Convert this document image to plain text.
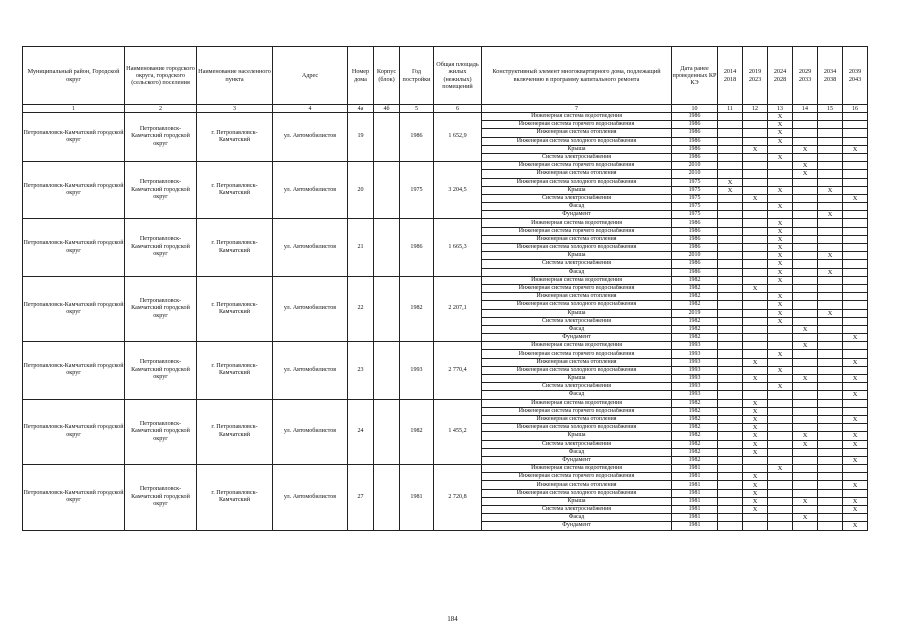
Муниципальный район, Городской округ	Наименование городского округа, городского (сельского) поселения	Наименование населенного пункта	Адрес	Номер дома	Корпус (блок)	Год постройки	Общая площадь жилых (нежилых) помещений	Конструктивный элемент многоквартирного дома, подлежащий включению в программу капитального ремонта	Дата ранее проведенных КР КЭ	2014 2018	2019 2023	2024 2028	2029 2033	2034 2038	2039 2043
1	2	3	4	4а	4б	5	6	7	10	11	12	13	14	15	16
Петропавловск-Камчатский городской округ	Петропавловск-Камчатский городской округ	г. Петропавловск-Камчатский	ул. Автомобилистов	19		1986	1 652,9	Инженерная система водоотведения	1986			X			
								Инженерная система горячего водоснабжения	1986			X			
								Инженерная система отопления	1986			X			
								Инженерная система холодного водоснабжения	1986			X			
								Крыша	1986		X		X		X
								Система электроснабжения	1986			X			
Петропавловск-Камчатский городской округ	Петропавловск-Камчатский городской округ	г. Петропавловск-Камчатский	ул. Автомобилистов	20		1975	3 204,5	Инженерная система горячего водоснабжения	2010				X		
								Инженерная система отопления	2010				X		
								Инженерная система холодного водоснабжения	1975	X					
								Крыша	1975	X		X		X	
								Система электроснабжения	1975		X				X
								Фасад	1975			X			
								Фундамент	1975					X	
Петропавловск-Камчатский городской округ	Петропавловск-Камчатский городской округ	г. Петропавловск-Камчатский	ул. Автомобилистов	21		1986	1 665,3	Инженерная система водоотведения	1986			X			
								Инженерная система горячего водоснабжения	1986			X			
								Инженерная система отопления	1986			X			
								Инженерная система холодного водоснабжения	1986			X			
								Крыша	2010			X		X	
								Система электроснабжения	1986			X			
								Фасад	1986			X		X	
Петропавловск-Камчатский городской округ	Петропавловск-Камчатский городской округ	г. Петропавловск-Камчатский	ул. Автомобилистов	22		1982	2 207,1	Инженерная система водоотведения	1982			X			
								Инженерная система горячего водоснабжения	1982		X				
								Инженерная система отопления	1982			X			
								Инженерная система холодного водоснабжения	1982			X			
								Крыша	2019			X		X	
								Система электроснабжения	1982			X			
								Фасад	1982				X		
								Фундамент	1982						X
Петропавловск-Камчатский городской округ	Петропавловск-Камчатский городской округ	г. Петропавловск-Камчатский	ул. Автомобилистов	23		1993	2 770,4	Инженерная система водоотведения	1993				X		
								Инженерная система горячего водоснабжения	1993			X			
								Инженерная система отопления	1993		X				X
								Инженерная система холодного водоснабжения	1993			X			
								Крыша	1993		X		X		X
								Система электроснабжения	1993			X			
								Фасад	1993						X
Петропавловск-Камчатский городской округ	Петропавловск-Камчатский городской округ	г. Петропавловск-Камчатский	ул. Автомобилистов	24		1982	1 455,2	Инженерная система водоотведения	1982		X				
								Инженерная система горячего водоснабжения	1982		X				
								Инженерная система отопления	1982		X				X
								Инженерная система холодного водоснабжения	1982		X				
								Крыша	1982		X		X		X
								Система электроснабжения	1982		X		X		X
								Фасад	1982		X				
								Фундамент	1982						X
Петропавловск-Камчатский городской округ	Петропавловск-Камчатский городской округ	г. Петропавловск-Камчатский	ул. Автомобилистов	27		1981	2 720,8	Инженерная система водоотведения	1981			X			
								Инженерная система горячего водоснабжения	1981		X				
								Инженерная система отопления	1981		X				X
								Инженерная система холодного водоснабжения	1981		X				
								Крыша	1981		X		X		X
								Система электроснабжения	1981		X				X
								Фасад	1981				X		
								Фундамент	1981						X
184
